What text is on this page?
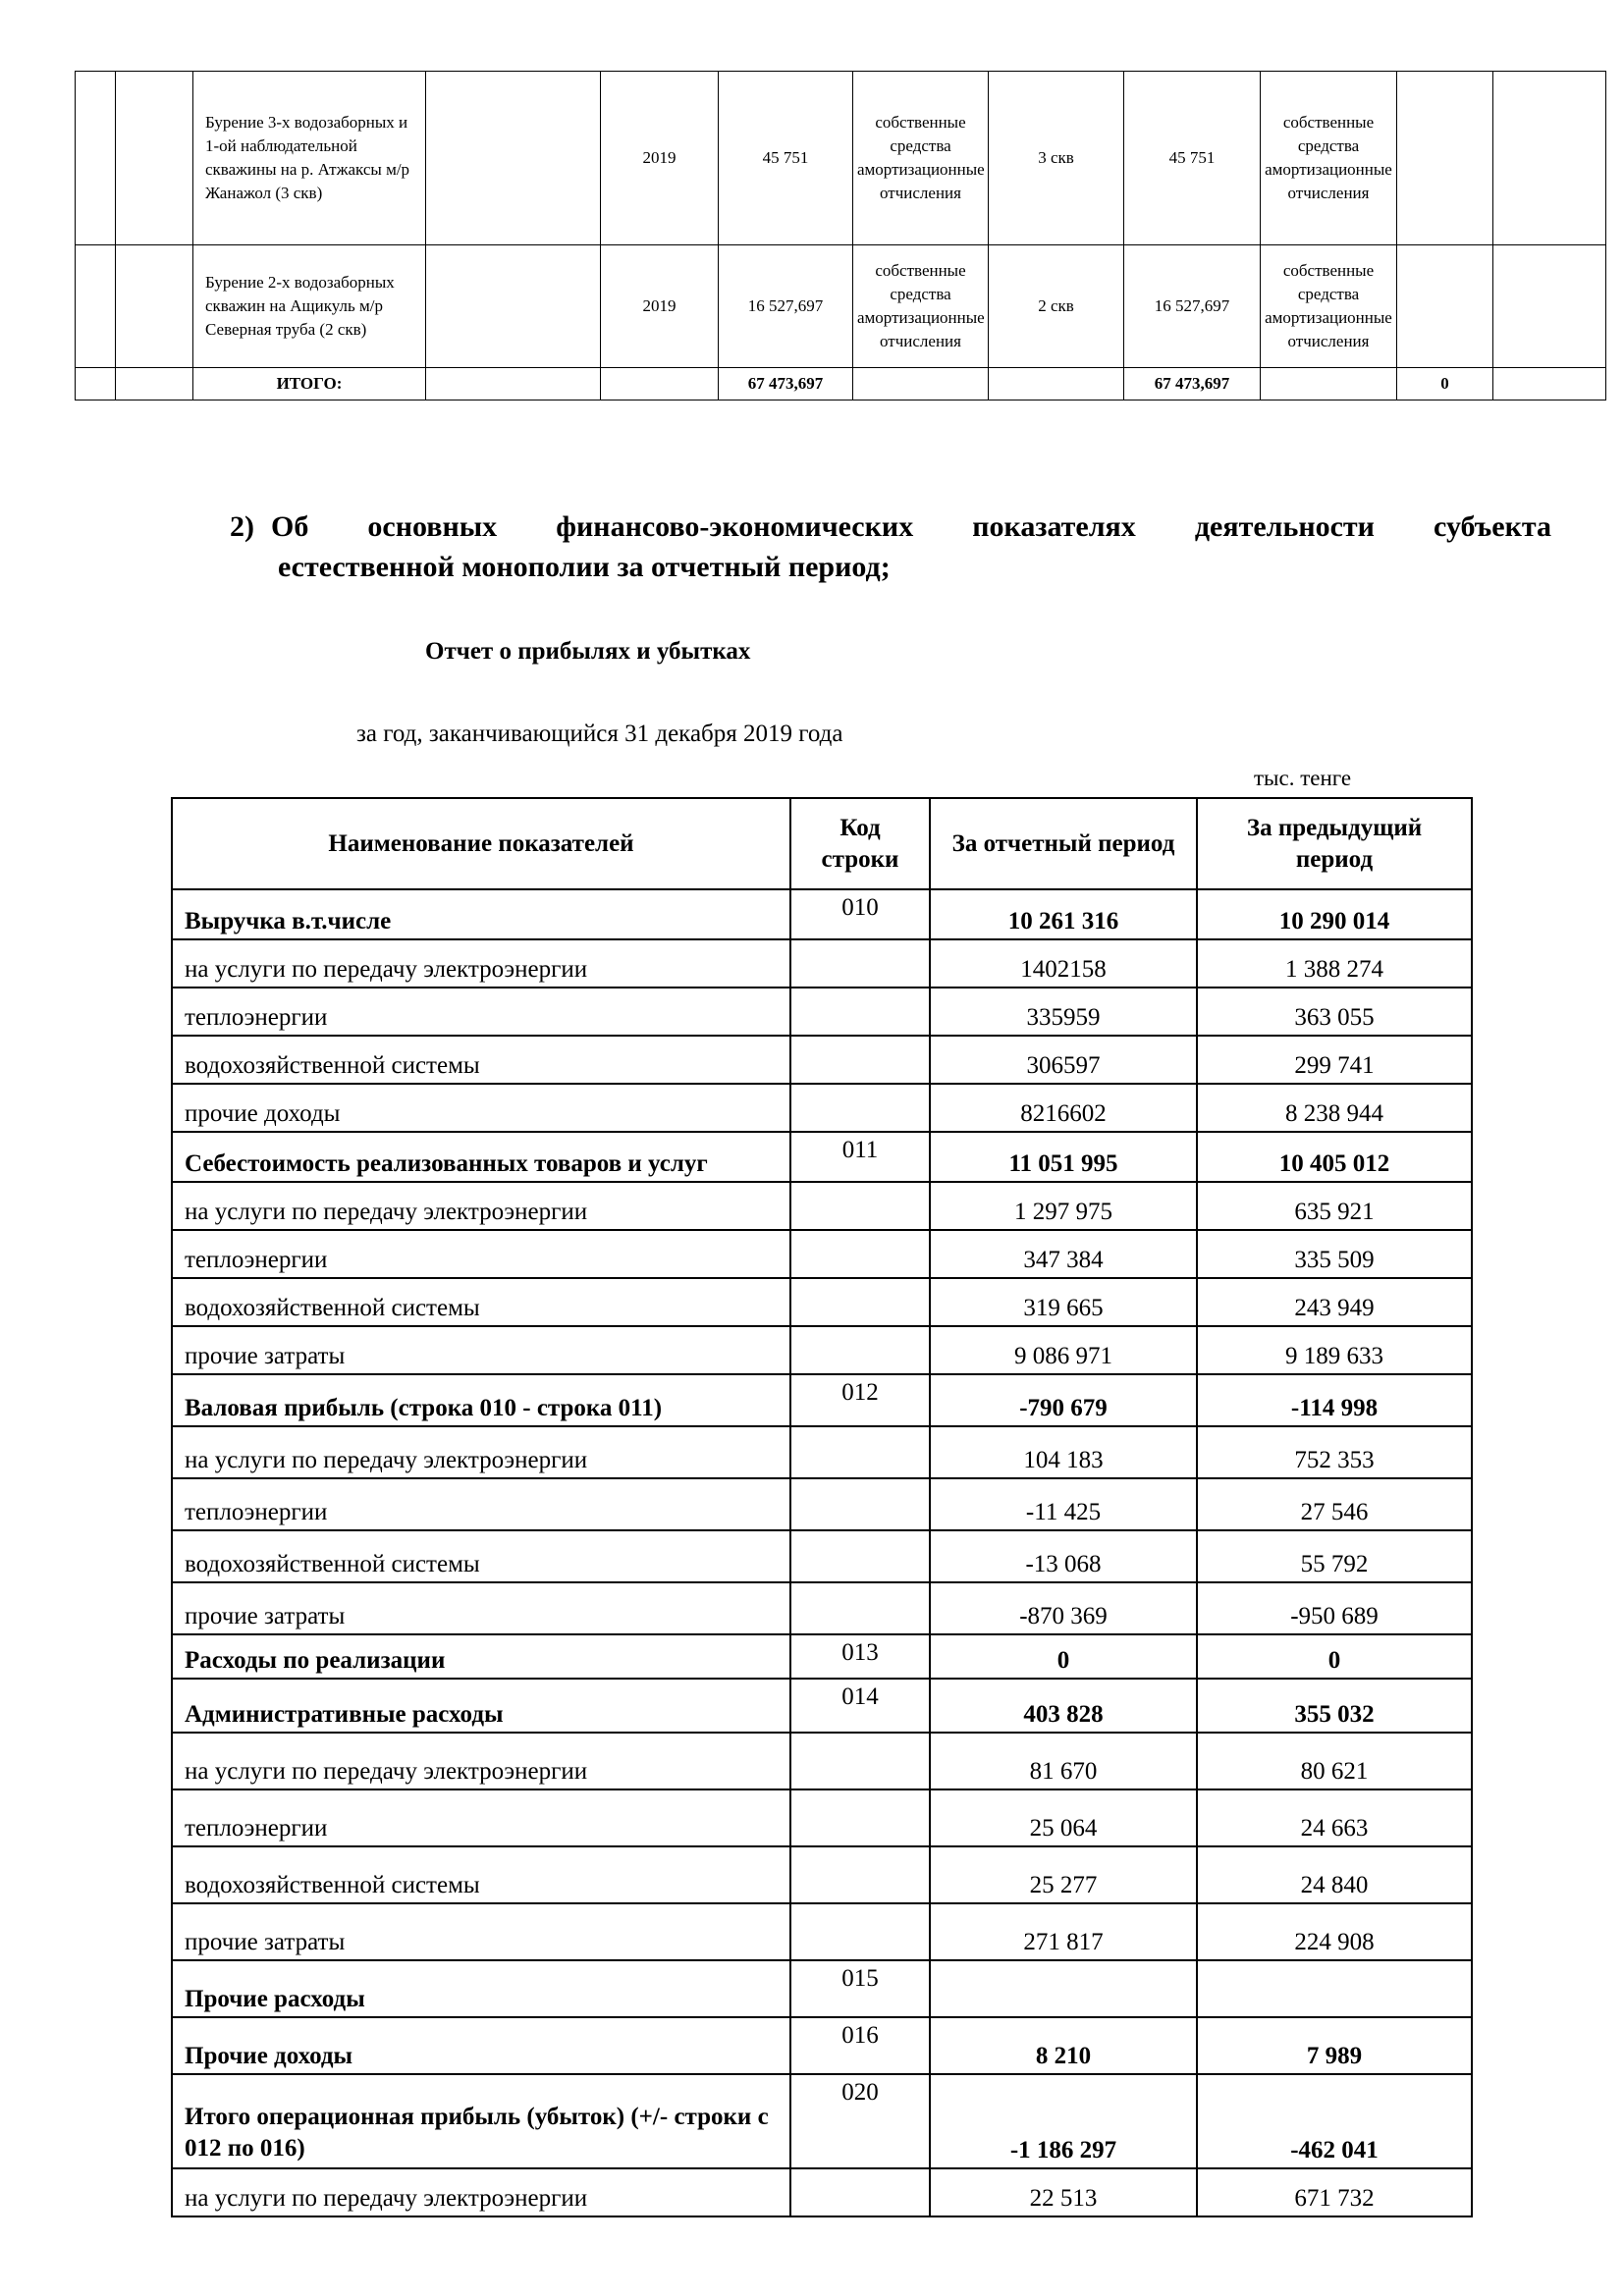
		Бурение 3-х водозаборных и 1-ой наблюдательной скважины на р. Атжаксы м/р Жанажол (3 скв)		2019	45 751	собственные средства амортизационные отчисления	3 скв	45 751	собственные средства амортизационные отчисления		
		Бурение 2-х водозаборных скважин на Ащикуль м/р Северная труба (2 скв)		2019	16 527,697	собственные средства амортизационные отчисления	2 скв	16 527,697	собственные средства амортизационные отчисления		
		ИТОГО:			67 473,697			67 473,697		0	
2) Об основных финансово-экономических показателях деятельности субъекта
естественной монополии за отчетный период;
Отчет о прибылях и убытках
за год, заканчивающийся 31 декабря 2019 года
тыс. тенге
Наименование показателей	Код строки	За отчетный период	За предыдущий период
Выручка в.т.числе	010	10 261 316	10 290 014
на услуги по передачу электроэнергии		1402158	1 388 274
теплоэнергии		335959	363 055
водохозяйственной системы		306597	299 741
прочие доходы		8216602	8 238 944
Себестоимость реализованных товаров и услуг	011	11 051 995	10 405 012
на услуги по передачу электроэнергии		1 297 975	635 921
теплоэнергии		347 384	335 509
водохозяйственной системы		319 665	243 949
прочие затраты		9 086 971	9 189 633
Валовая прибыль (строка 010 - строка 011)	012	-790 679	-114 998
на услуги по передачу электроэнергии		104 183	752 353
теплоэнергии		-11 425	27 546
водохозяйственной системы		-13 068	55 792
прочие затраты		-870 369	-950 689
Расходы по реализации	013	0	0
Административные расходы	014	403 828	355 032
на услуги по передачу электроэнергии		81 670	80 621
теплоэнергии		25 064	24 663
водохозяйственной системы		25 277	24 840
прочие затраты		271 817	224 908
Прочие расходы	015		
Прочие доходы	016	8 210	7 989
Итого операционная прибыль (убыток) (+/- строки с 012 по 016)	020	-1 186 297	-462 041
на услуги по передачу электроэнергии		22 513	671 732
